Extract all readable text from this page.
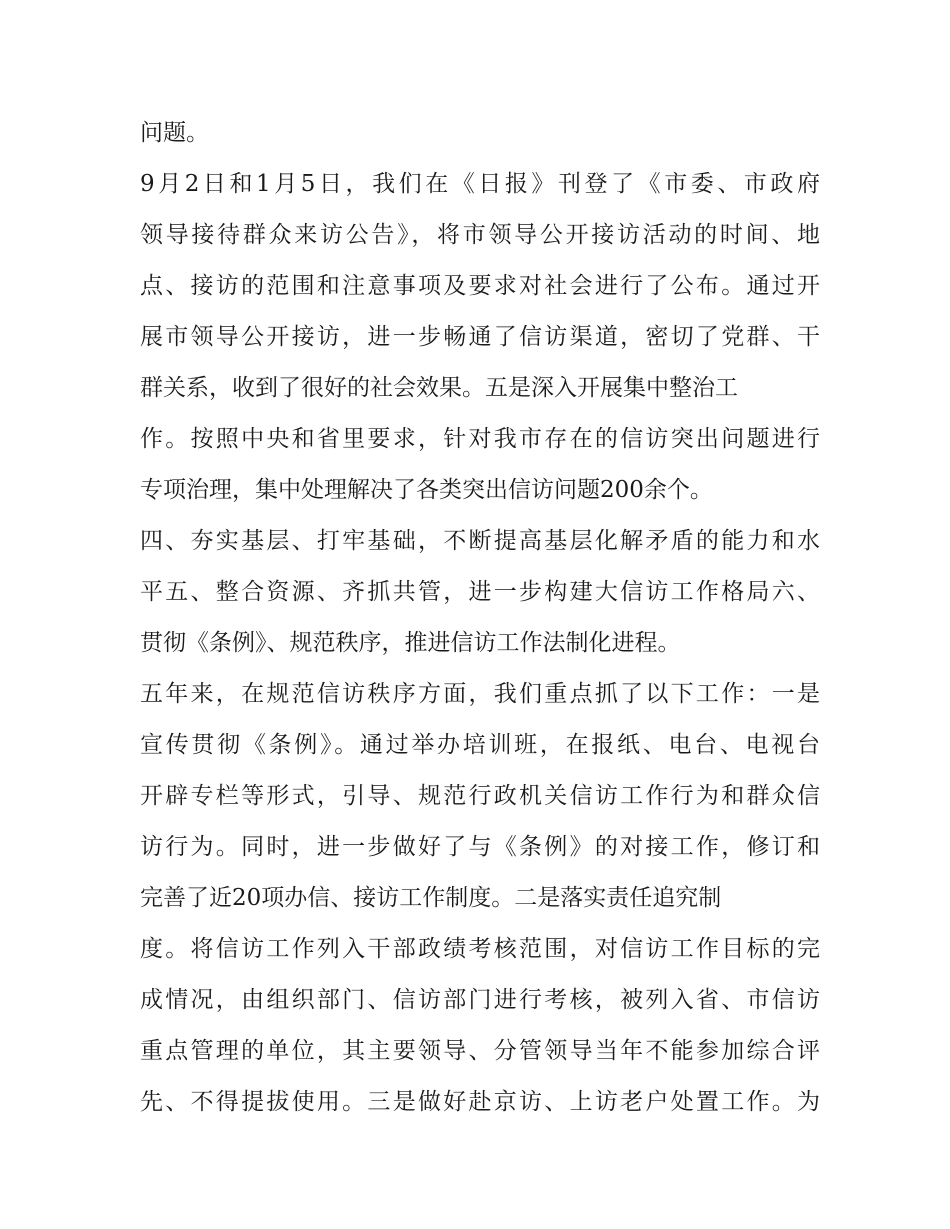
问题。
9月2日和1月5日，我们在《日报》刊登了《市委、市政府
领导接待群众来访公告》，将市领导公开接访活动的时间、地
点、接访的范围和注意事项及要求对社会进行了公布。通过开
展市领导公开接访，进一步畅通了信访渠道，密切了党群、干
群关系，收到了很好的社会效果。五是深入开展集中整治工
作。按照中央和省里要求，针对我市存在的信访突出问题进行
专项治理，集中处理解决了各类突出信访问题200余个。
四、夯实基层、打牢基础，不断提高基层化解矛盾的能力和水
平五、整合资源、齐抓共管，进一步构建大信访工作格局六、
贯彻《条例》、规范秩序，推进信访工作法制化进程。
五年来，在规范信访秩序方面，我们重点抓了以下工作：一是
宣传贯彻《条例》。通过举办培训班，在报纸、电台、电视台
开辟专栏等形式，引导、规范行政机关信访工作行为和群众信
访行为。同时，进一步做好了与《条例》的对接工作，修订和
完善了近20项办信、接访工作制度。二是落实责任追究制
度。将信访工作列入干部政绩考核范围，对信访工作目标的完
成情况，由组织部门、信访部门进行考核，被列入省、市信访
重点管理的单位，其主要领导、分管领导当年不能参加综合评
先、不得提拔使用。三是做好赴京访、上访老户处置工作。为
